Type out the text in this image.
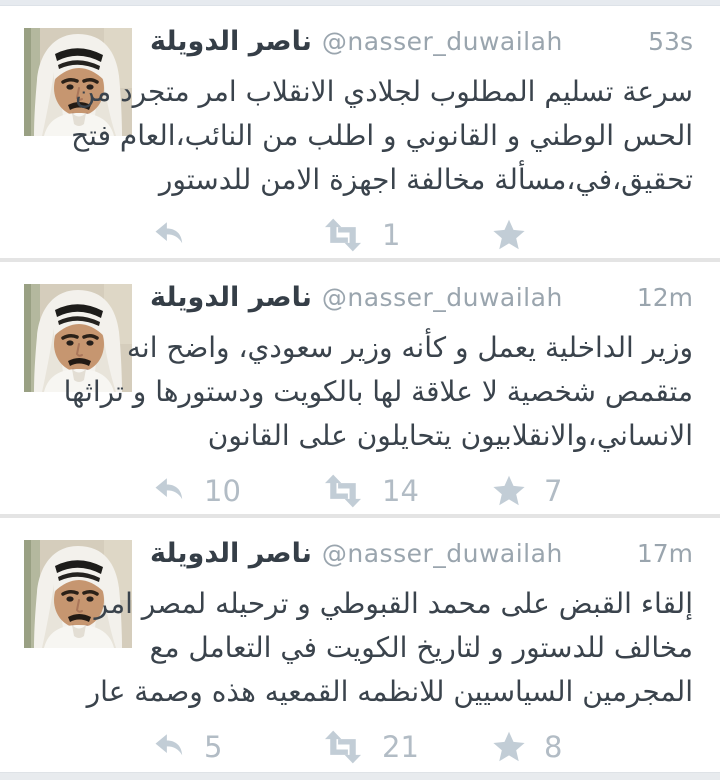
ناصر الدويلة @nasser_duwailah	53s
سرعة تسليم المطلوب لجلادي الانقلاب امر متجرد من
الحس الوطني و القانوني و اطلب من النائب،العام فتح
تحقيق،في،مسألة مخالفة اجهزة الامن للدستور
1
ناصر الدويلة @nasser_duwailah	12m
وزير الداخلية يعمل و كأنه وزير سعودي، واضح انه
متقمص شخصية لا علاقة لها بالكويت ودستورها و تراثها
الانساني،والانقلابيون يتحايلون على القانون
10	14	7
ناصر الدويلة @nasser_duwailah	17m
إلقاء القبض على محمد القبوطي و ترحيله لمصر امر
مخالف للدستور و لتاريخ الكويت في التعامل مع
المجرمين السياسيين للانظمه القمعيه هذه وصمة عار
5	21	8
